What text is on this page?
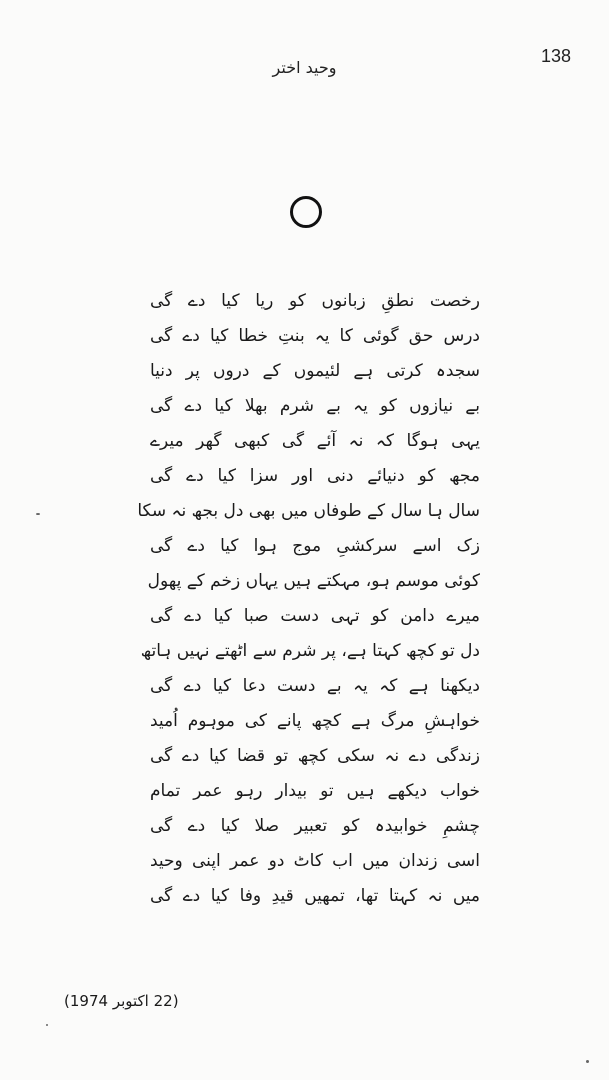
138
وحید اختر
رخصت نطقِ زبانوں کو ریا کیا دے گی
درس حق گوئی کا یہ بنتِ خطا کیا دے گی
سجدہ کرتی ہے لئیموں کے دروں پر دنیا
بے نیازوں کو یہ بے شرم بھلا کیا دے گی
یہی ہوگا کہ نہ آئے گی کبھی گھر میرے
مجھ کو دنیائے دنی اور سزا کیا دے گی
سال ہا سال کے طوفاں میں بھی دل بجھ نہ سکا
زک اسے سرکشیِ موج ہوا کیا دے گی
کوئی موسم ہو، مہکتے ہیں یہاں زخم کے پھول
میرے دامن کو تہی دست صبا کیا دے گی
دل تو کچھ کہتا ہے، پر شرم سے اٹھتے نہیں ہاتھ
دیکھنا ہے کہ یہ بے دست دعا کیا دے گی
خواہشِ مرگ ہے کچھ پانے کی موہوم اُمید
زندگی دے نہ سکی کچھ تو قضا کیا دے گی
خواب دیکھے ہیں تو بیدار رہو عمر تمام
چشمِ خوابیدہ کو تعبیر صلا کیا دے گی
اسی زندان میں اب کاٹ دو عمر اپنی وحید
میں نہ کہتا تھا، تمھیں قیدِ وفا کیا دے گی
(22 اکتوبر 1974)
